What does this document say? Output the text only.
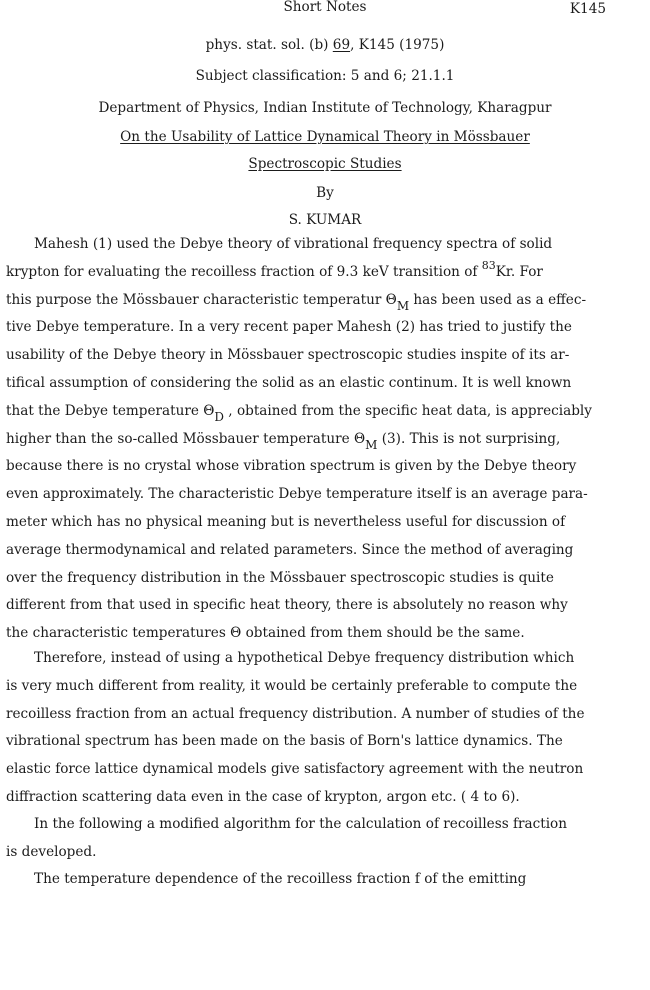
Short Notes	K145
phys. stat. sol. (b) 69, K145 (1975)
Subject classification: 5 and 6; 21.1.1
Department of Physics, Indian Institute of Technology, Kharagpur
On the Usability of Lattice Dynamical Theory in Mössbauer
Spectroscopic Studies
By
S. KUMAR
Mahesh (1) used the Debye theory of vibrational frequency spectra of solid
krypton for evaluating the recoilless fraction of 9.3 keV transition of $^{83}$Kr. For
this purpose the Mössbauer characteristic temperatur $\Theta_M$ has been used as a effec-
tive Debye temperature. In a very recent paper Mahesh (2) has tried to justify the
usability of the Debye theory in Mössbauer spectroscopic studies inspite of its ar-
tifical assumption of considering the solid as an elastic continum. It is well known
that the Debye temperature $\Theta_D$ , obtained from the specific heat data, is appreciably
higher than the so-called Mössbauer temperature $\Theta_M$ (3). This is not surprising,
because there is no crystal whose vibration spectrum is given by the Debye theory
even approximately. The characteristic Debye temperature itself is an average para-
meter which has no physical meaning but is nevertheless useful for discussion of
average thermodynamical and related parameters. Since the method of averaging
over the frequency distribution in the Mössbauer spectroscopic studies is quite
different from that used in specific heat theory, there is absolutely no reason why
the characteristic temperatures Θ obtained from them should be the same.
Therefore, instead of using a hypothetical Debye frequency distribution which
is very much different from reality, it would be certainly preferable to compute the
recoilless fraction from an actual frequency distribution. A number of studies of the
vibrational spectrum has been made on the basis of Born's lattice dynamics. The
elastic force lattice dynamical models give satisfactory agreement with the neutron
diffraction scattering data even in the case of krypton, argon etc. ( 4 to 6).
In the following a modified algorithm for the calculation of recoilless fraction
is developed.
The temperature dependence of the recoilless fraction f of the emitting
